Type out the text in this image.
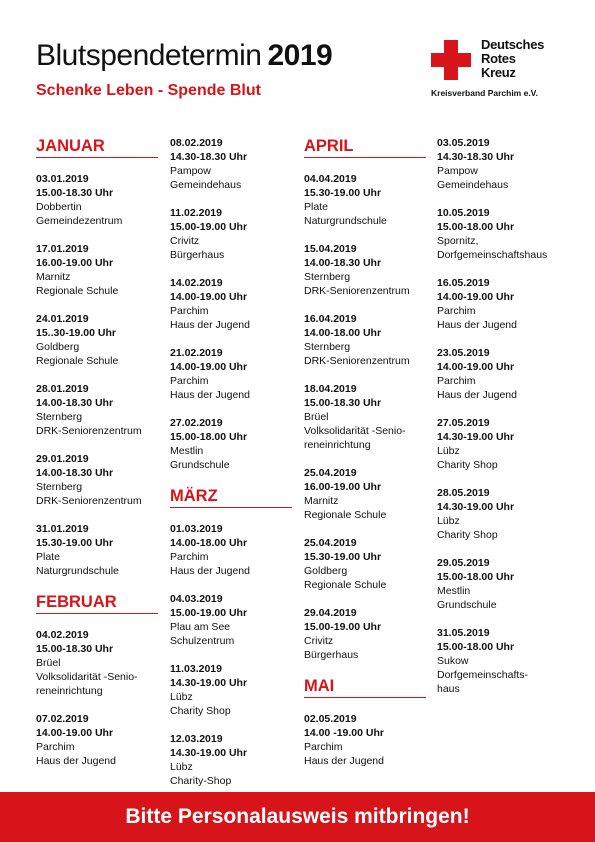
Blutspendetermin 2019
Schenke Leben - Spende Blut
Deutsches
Rotes
Kreuz
Kreisverband Parchim e.V.
JANUAR
03.01.2019
15.00-18.30 Uhr
Dobbertin
Gemeindezentrum
17.01.2019
16.00-19.00 Uhr
Marnitz
Regionale Schule
24.01.2019
15..30-19.00 Uhr
Goldberg
Regionale Schule
28.01.2019
14.00-18.30 Uhr
Sternberg
DRK-Seniorenzentrum
29.01.2019
14.00-18.30 Uhr
Sternberg
DRK-Seniorenzentrum
31.01.2019
15.30-19.00 Uhr
Plate
Naturgrundschule
FEBRUAR
04.02.2019
15.00-18.30 Uhr
Brüel
Volksolidarität -Senio-
reneinrichtung
07.02.2019
14.00-19.00 Uhr
Parchim
Haus der Jugend
08.02.2019
14.30-18.30 Uhr
Pampow
Gemeindehaus
11.02.2019
15.00-19.00 Uhr
Crivitz
Bürgerhaus
14.02.2019
14.00-19.00 Uhr
Parchim
Haus der Jugend
21.02.2019
14.00-19.00 Uhr
Parchim
Haus der Jugend
27.02.2019
15.00-18.00 Uhr
Mestlin
Grundschule
MÄRZ
01.03.2019
14.00-18.00 Uhr
Parchim
Haus der Jugend
04.03.2019
15.00-19.00 Uhr
Plau am See
Schulzentrum
11.03.2019
14.30-19.00 Uhr
Lübz
Charity Shop
12.03.2019
14.30-19.00 Uhr
Lübz
Charity-Shop
APRIL
04.04.2019
15.30-19.00 Uhr
Plate
Naturgrundschule
15.04.2019
14.00-18.30 Uhr
Sternberg
DRK-Seniorenzentrum
16.04.2019
14.00-18.00 Uhr
Sternberg
DRK-Seniorenzentrum
18.04.2019
15.00-18.30 Uhr
Brüel
Volksolidarität -Senio-
reneinrichtung
25.04.2019
16.00-19.00 Uhr
Marnitz
Regionale Schule
25.04.2019
15.30-19.00 Uhr
Goldberg
Regionale Schule
29.04.2019
15.00-19.00 Uhr
Crivitz
Bürgerhaus
MAI
02.05.2019
14.00 -19.00 Uhr
Parchim
Haus der Jugend
03.05.2019
14.30-18.30 Uhr
Pampow
Gemeindehaus
10.05.2019
15.00-18.00 Uhr
Spornitz,
Dorfgemeinschaftshaus
16.05.2019
14.00-19.00 Uhr
Parchim
Haus der Jugend
23.05.2019
14.00-19.00 Uhr
Parchim
Haus der Jugend
27.05.2019
14.30-19.00 Uhr
Lübz
Charity Shop
28.05.2019
14.30-19.00 Uhr
Lübz
Charity Shop
29.05.2019
15.00-18.00 Uhr
Mestlin
Grundschule
31.05.2019
15.00-18.00 Uhr
Sukow
Dorfgemeinschafts-
haus
Bitte Personalausweis mitbringen!
